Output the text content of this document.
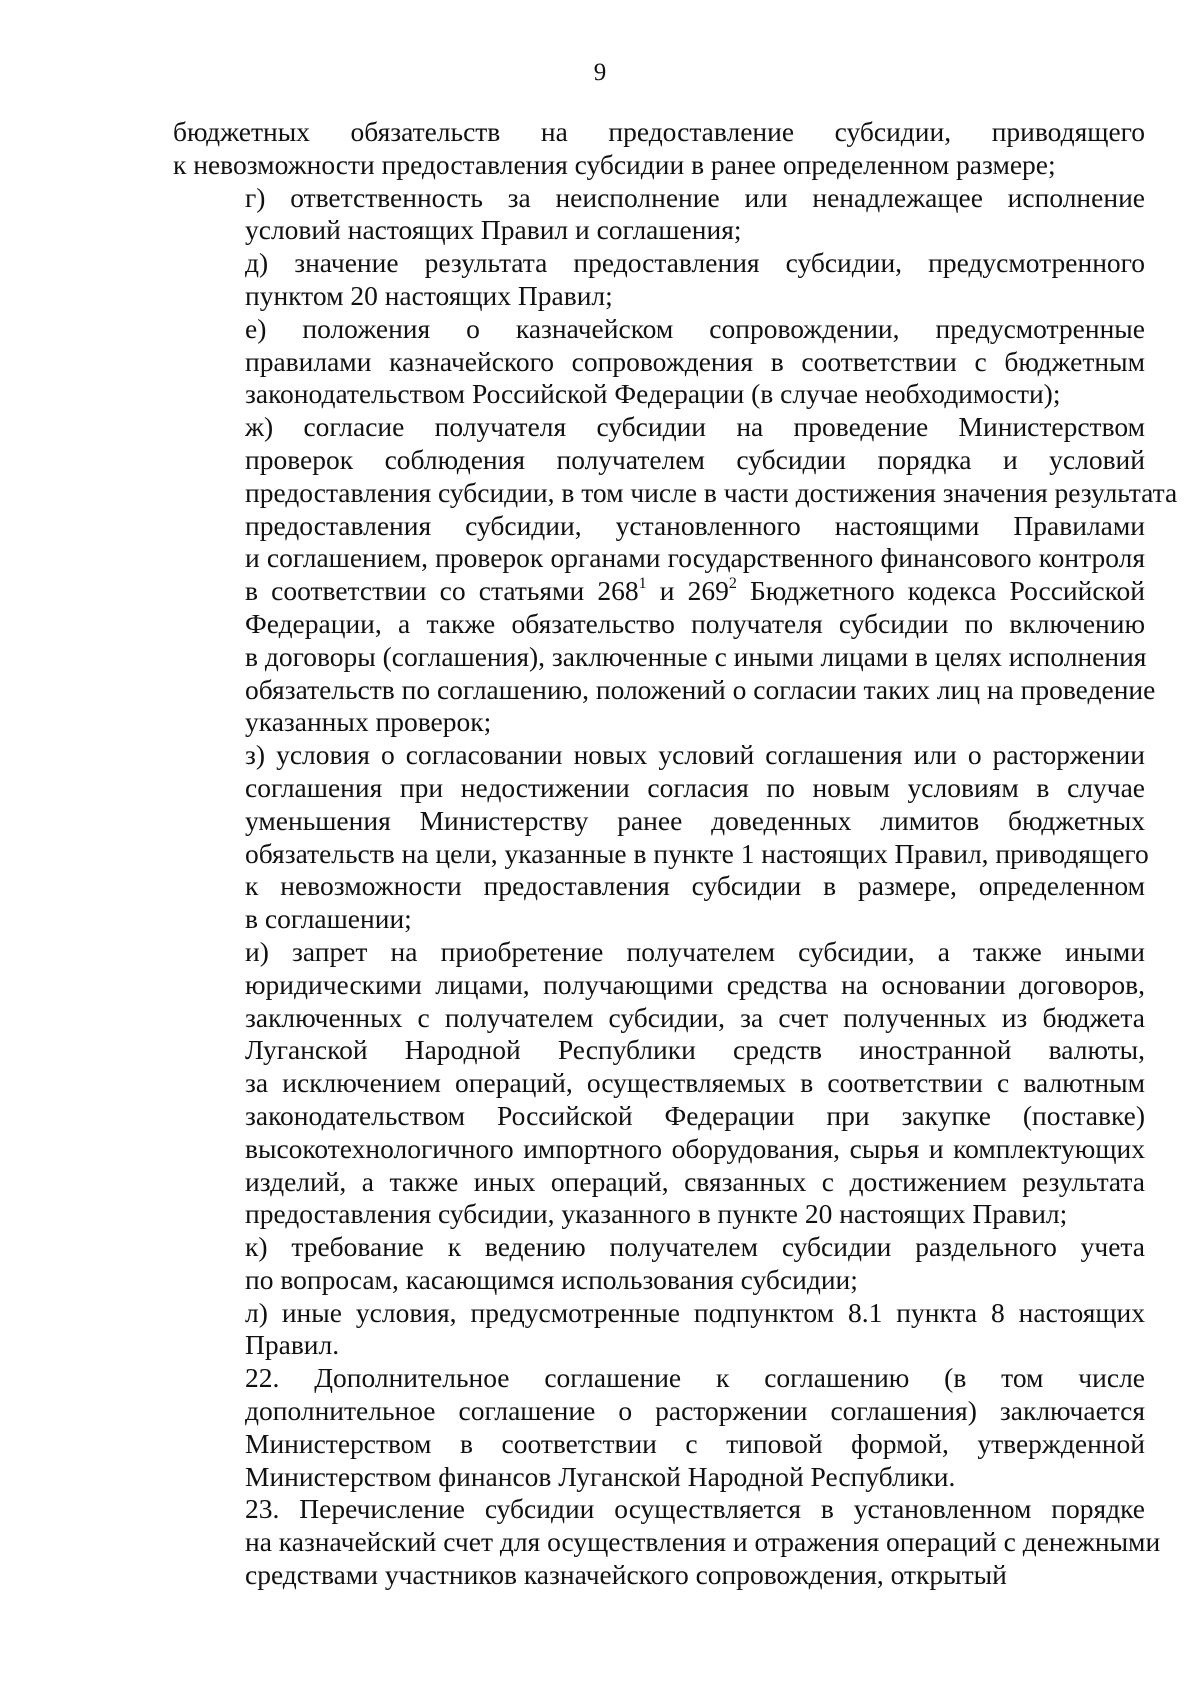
9

бюджетных обязательств на предоставление субсидии, приводящего
к невозможности предоставления субсидии в ранее определенном размере;

г) ответственность за неисполнение или ненадлежащее исполнение
условий настоящих Правил и соглашения;

д) значение результата предоставления субсидии, предусмотренного
пунктом 20 настоящих Правил;

е) положения о казначейском сопровождении, предусмотренные
правилами казначейского сопровождения в соответствии с бюджетным
законодательством Российской Федерации (в случае необходимости);

ж) согласие получателя субсидии на проведение Министерством
проверок соблюдения получателем субсидии порядка и условий
предоставления субсидии, в том числе в части достижения значения результата
предоставления субсидии, установленного настоящими Правилами
и соглашением, проверок органами государственного финансового контроля
в соответствии со статьями $268^1$ и $269^2$ Бюджетного кодекса Российской
Федерации, а также обязательство получателя субсидии по включению
в договоры (соглашения), заключенные с иными лицами в целях исполнения
обязательств по соглашению, положений о согласии таких лиц на проведение
указанных проверок;

з) условия о согласовании новых условий соглашения или о расторжении
соглашения при недостижении согласия по новым условиям в случае
уменьшения Министерству ранее доведенных лимитов бюджетных
обязательств на цели, указанные в пункте 1 настоящих Правил, приводящего
к невозможности предоставления субсидии в размере, определенном
в соглашении;

и) запрет на приобретение получателем субсидии, а также иными
юридическими лицами, получающими средства на основании договоров,
заключенных с получателем субсидии, за счет полученных из бюджета
Луганской Народной Республики средств иностранной валюты,
за исключением операций, осуществляемых в соответствии с валютным
законодательством Российской Федерации при закупке (поставке)
высокотехнологичного импортного оборудования, сырья и комплектующих
изделий, а также иных операций, связанных с достижением результата
предоставления субсидии, указанного в пункте 20 настоящих Правил;

к) требование к ведению получателем субсидии раздельного учета
по вопросам, касающимся использования субсидии;

л) иные условия, предусмотренные подпунктом 8.1 пункта 8 настоящих
Правил.

22. Дополнительное соглашение к соглашению (в том числе
дополнительное соглашение о расторжении соглашения) заключается
Министерством в соответствии с типовой формой, утвержденной
Министерством финансов Луганской Народной Республики.

23. Перечисление субсидии осуществляется в установленном порядке
на казначейский счет для осуществления и отражения операций с денежными
средствами участников казначейского сопровождения, открытый
